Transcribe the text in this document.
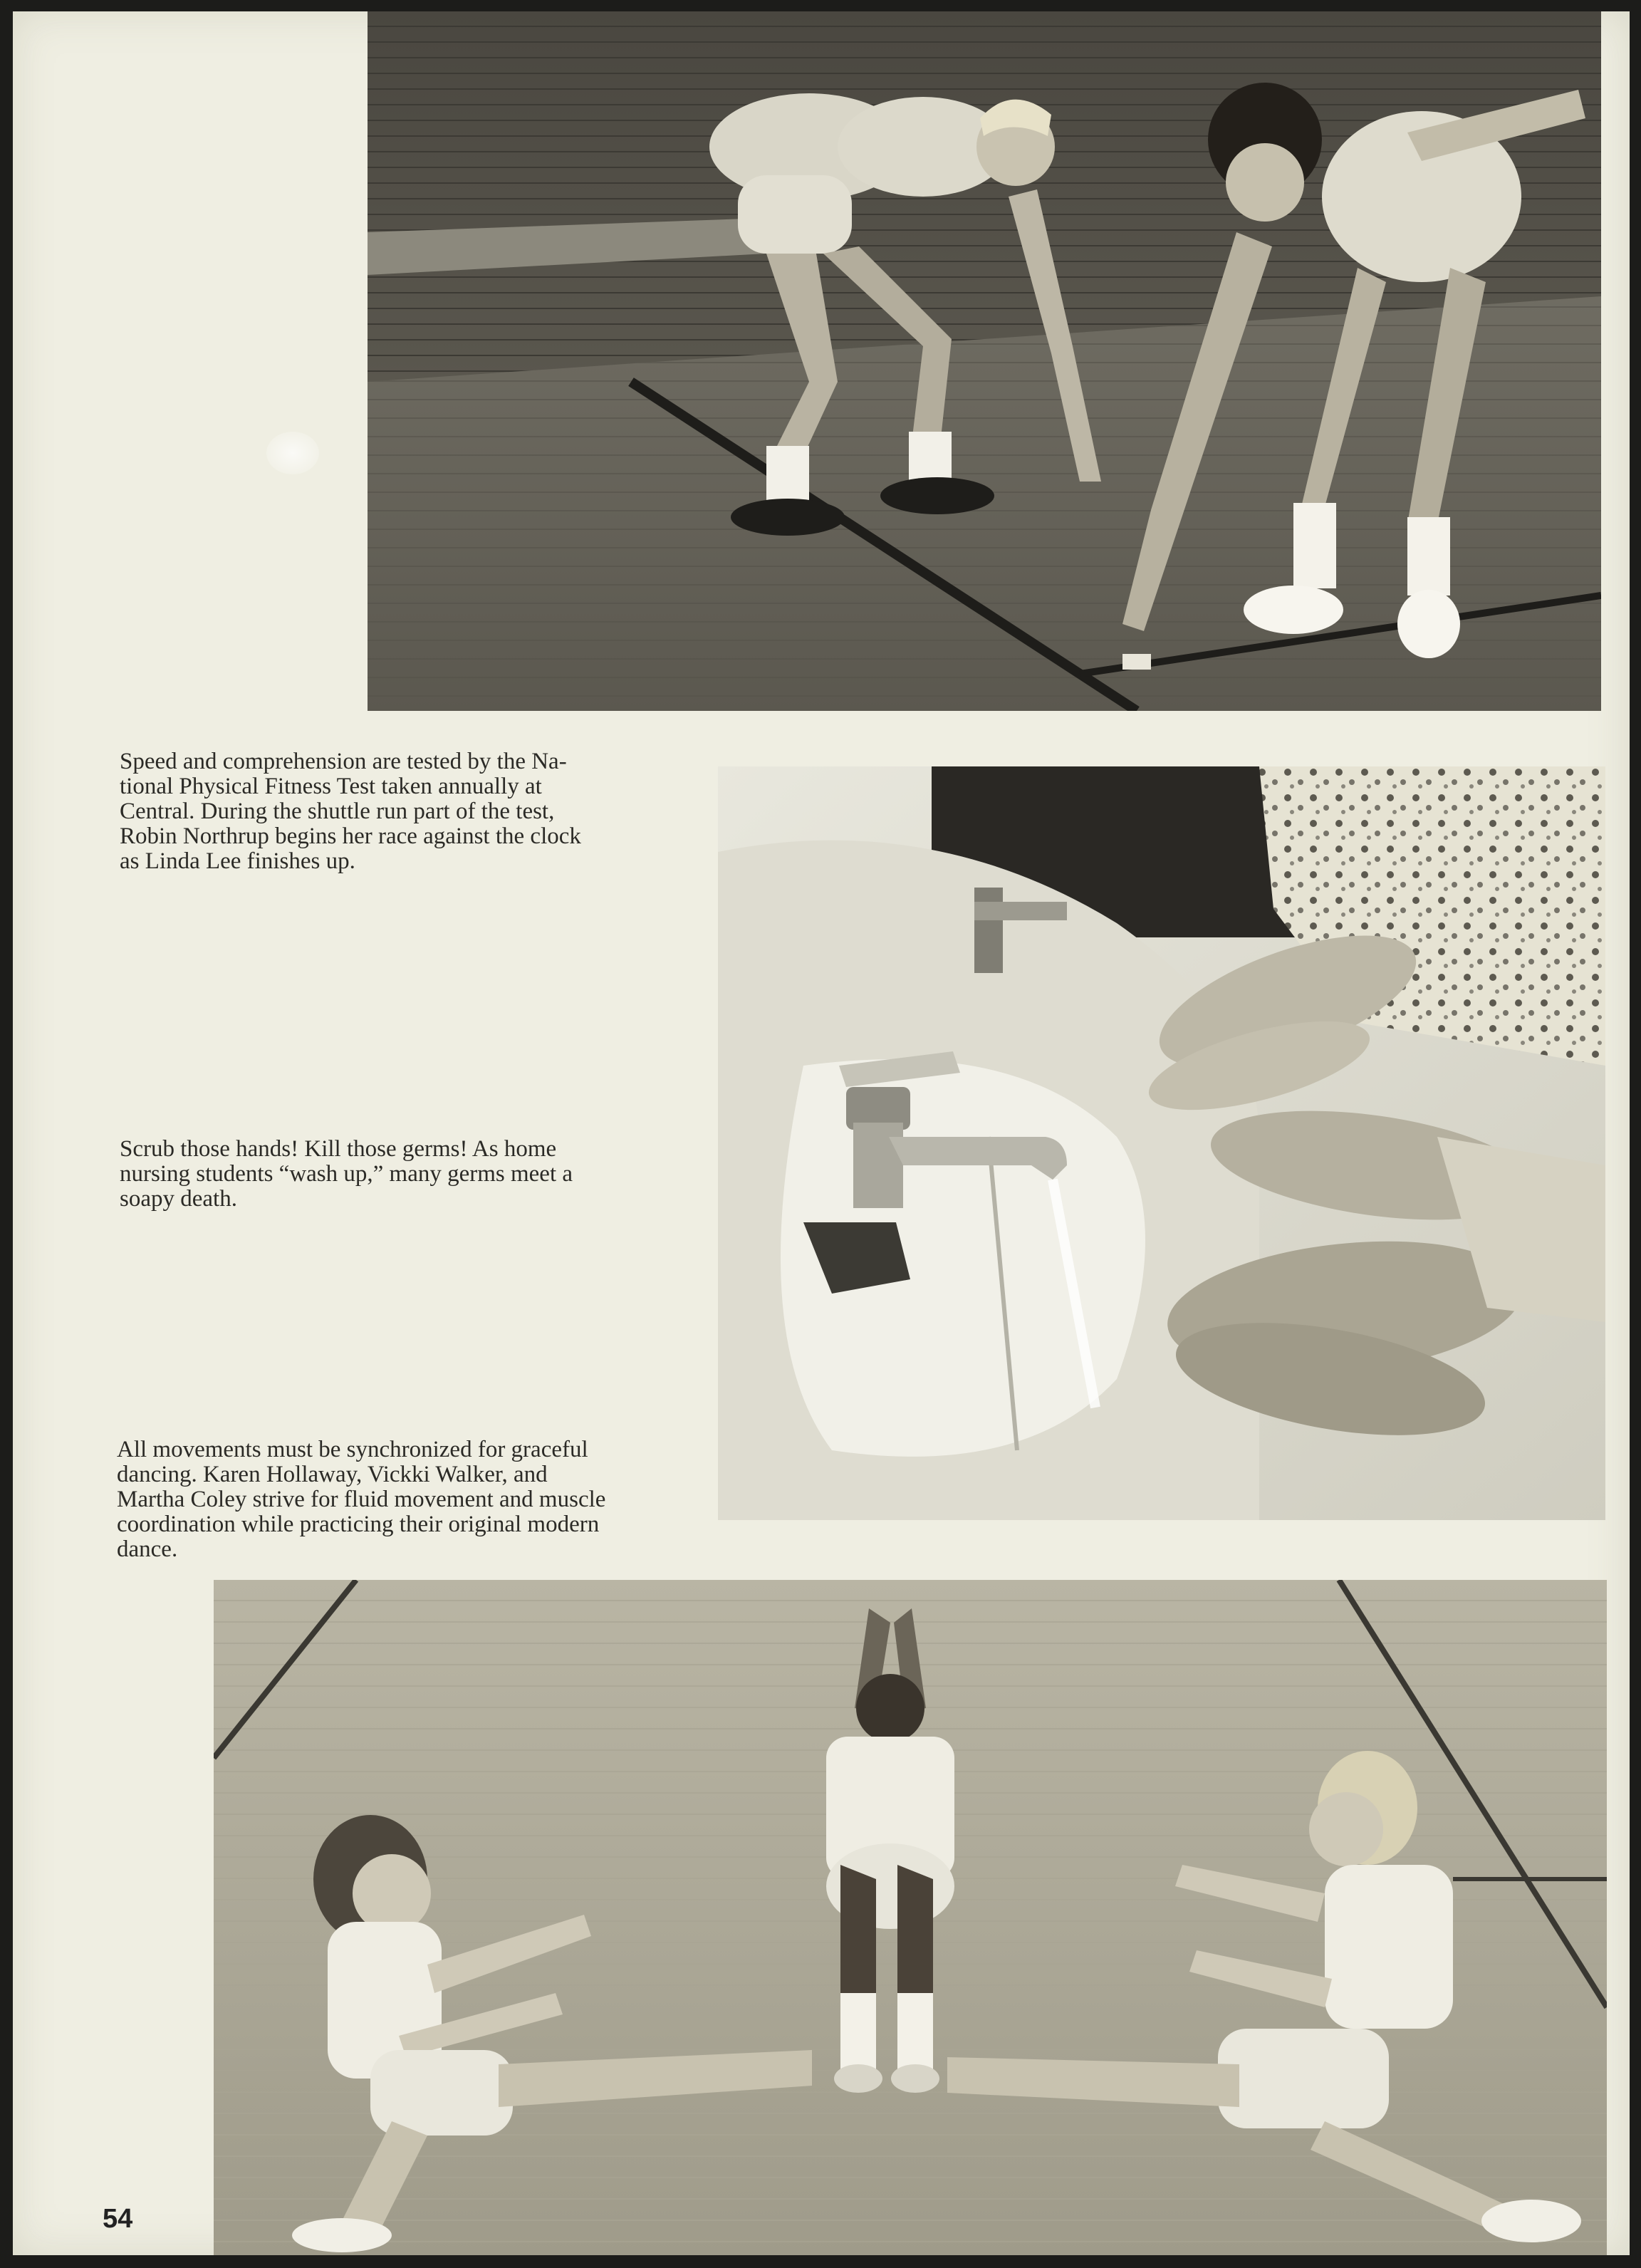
Speed and comprehension are tested by the Na-
tional Physical Fitness Test taken annually at
Central. During the shuttle run part of the test,
Robin Northrup begins her race against the clock
as Linda Lee finishes up.
Scrub those hands! Kill those germs! As home
nursing students “wash up,” many germs meet a
soapy death.
All movements must be synchronized for graceful
dancing. Karen Hollaway, Vickki Walker, and
Martha Coley strive for fluid movement and muscle
coordination while practicing their original modern
dance.
54
